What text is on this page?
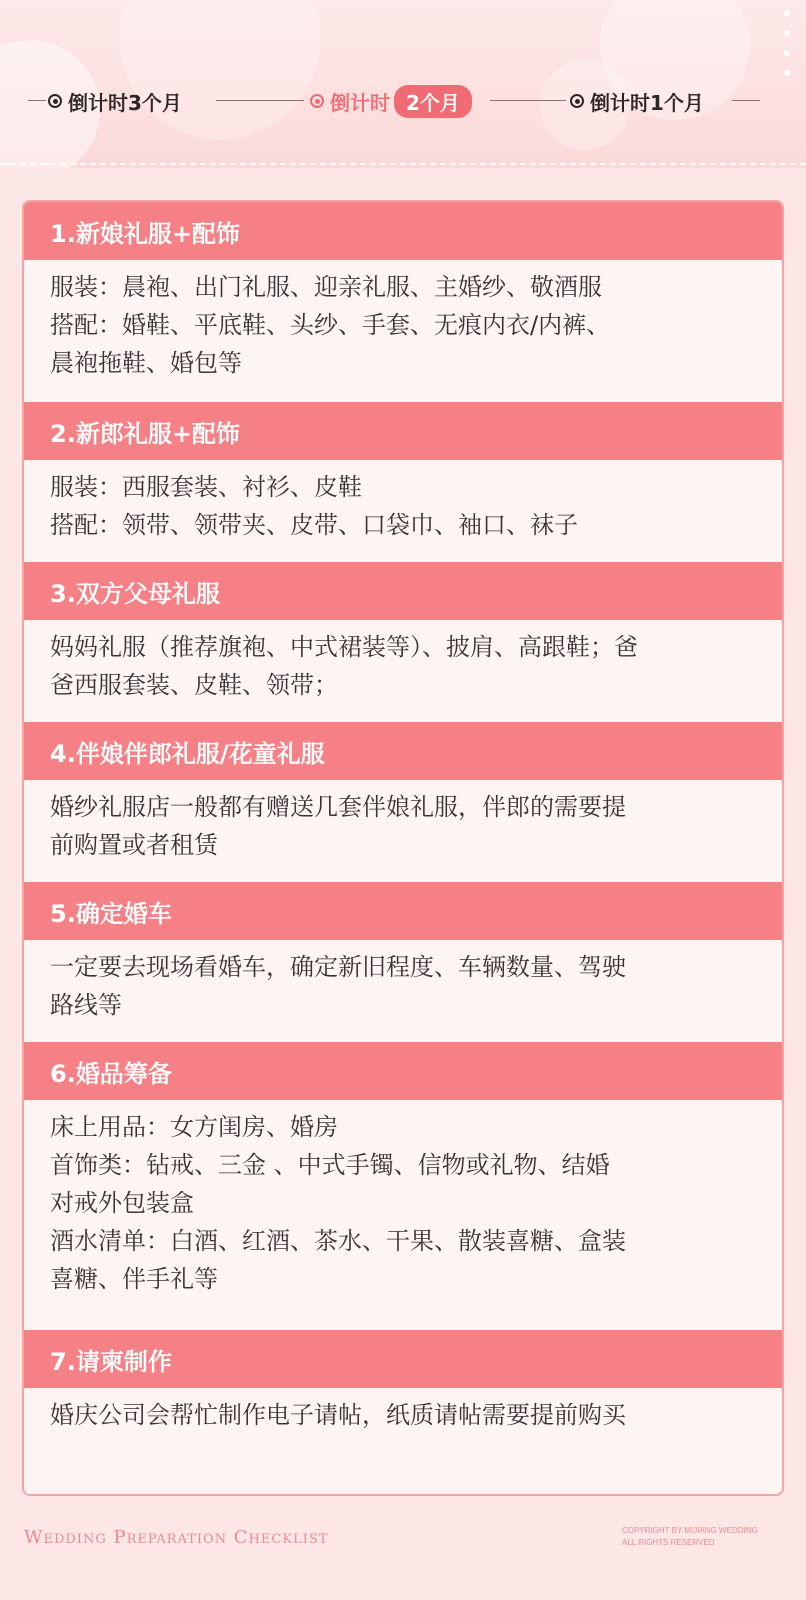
倒计时3个月	倒计时 2个月	倒计时1个月
1.新娘礼服+配饰
服装：晨袍、出门礼服、迎亲礼服、主婚纱、敬酒服
搭配：婚鞋、平底鞋、头纱、手套、无痕内衣/内裤、
晨袍拖鞋、婚包等
2.新郎礼服+配饰
服装：西服套装、衬衫、皮鞋
搭配：领带、领带夹、皮带、口袋巾、袖口、袜子
3.双方父母礼服
妈妈礼服（推荐旗袍、中式裙装等）、披肩、高跟鞋；爸
爸西服套装、皮鞋、领带；
4.伴娘伴郎礼服/花童礼服
婚纱礼服店一般都有赠送几套伴娘礼服，伴郎的需要提
前购置或者租赁
5.确定婚车
一定要去现场看婚车，确定新旧程度、车辆数量、驾驶
路线等
6.婚品筹备
床上用品：女方闺房、婚房
首饰类：钻戒、三金 、中式手镯、信物或礼物、结婚
对戒外包装盒
酒水清单：白酒、红酒、茶水、干果、散装喜糖、盒装
喜糖、伴手礼等
7.请柬制作
婚庆公司会帮忙制作电子请帖，纸质请帖需要提前购买
Wedding Preparation Checklist	COPYRIGHT BY MIJIANG WEDDING
ALL RIGHTS RESERVED
